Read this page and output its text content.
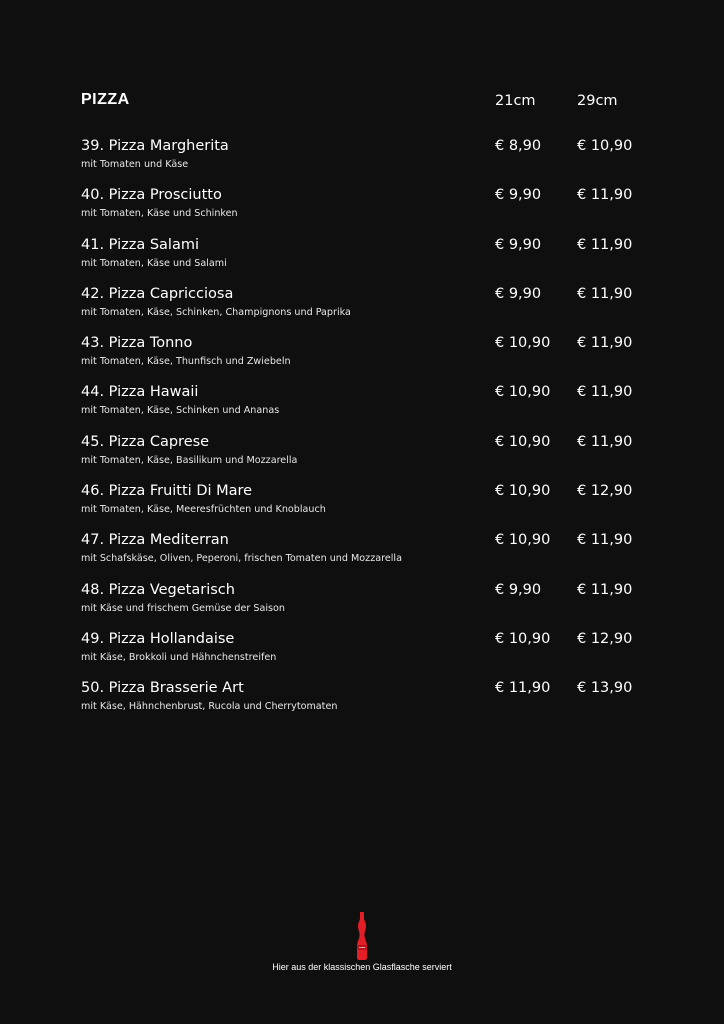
PIZZA	21cm	29cm
39. Pizza Margherita
mit Tomaten und Käse
€ 8,90 € 10,90
40. Pizza Prosciutto
mit Tomaten, Käse und Schinken
€ 9,90 € 11,90
41. Pizza Salami
mit Tomaten, Käse und Salami
€ 9,90 € 11,90
42. Pizza Capricciosa
mit Tomaten, Käse, Schinken, Champignons und Paprika
€ 9,90 € 11,90
43. Pizza Tonno
mit Tomaten, Käse, Thunfisch und Zwiebeln
€ 10,90 € 11,90
44. Pizza Hawaii
mit Tomaten, Käse, Schinken und Ananas
€ 10,90 € 11,90
45. Pizza Caprese
mit Tomaten, Käse, Basilikum und Mozzarella
€ 10,90 € 11,90
46. Pizza Fruitti Di Mare
mit Tomaten, Käse, Meeresfrüchten und Knoblauch
€ 10,90 € 12,90
47. Pizza Mediterran
mit Schafskäse, Oliven, Peperoni, frischen Tomaten und Mozzarella
€ 10,90 € 11,90
48. Pizza Vegetarisch
mit Käse und frischem Gemüse der Saison
€ 9,90 € 11,90
49. Pizza Hollandaise
mit Käse, Brokkoli und Hähnchenstreifen
€ 10,90 € 12,90
50. Pizza Brasserie Art
mit Käse, Hähnchenbrust, Rucola und Cherrytomaten
€ 11,90 € 13,90
Hier aus der klassischen Glasflasche serviert
